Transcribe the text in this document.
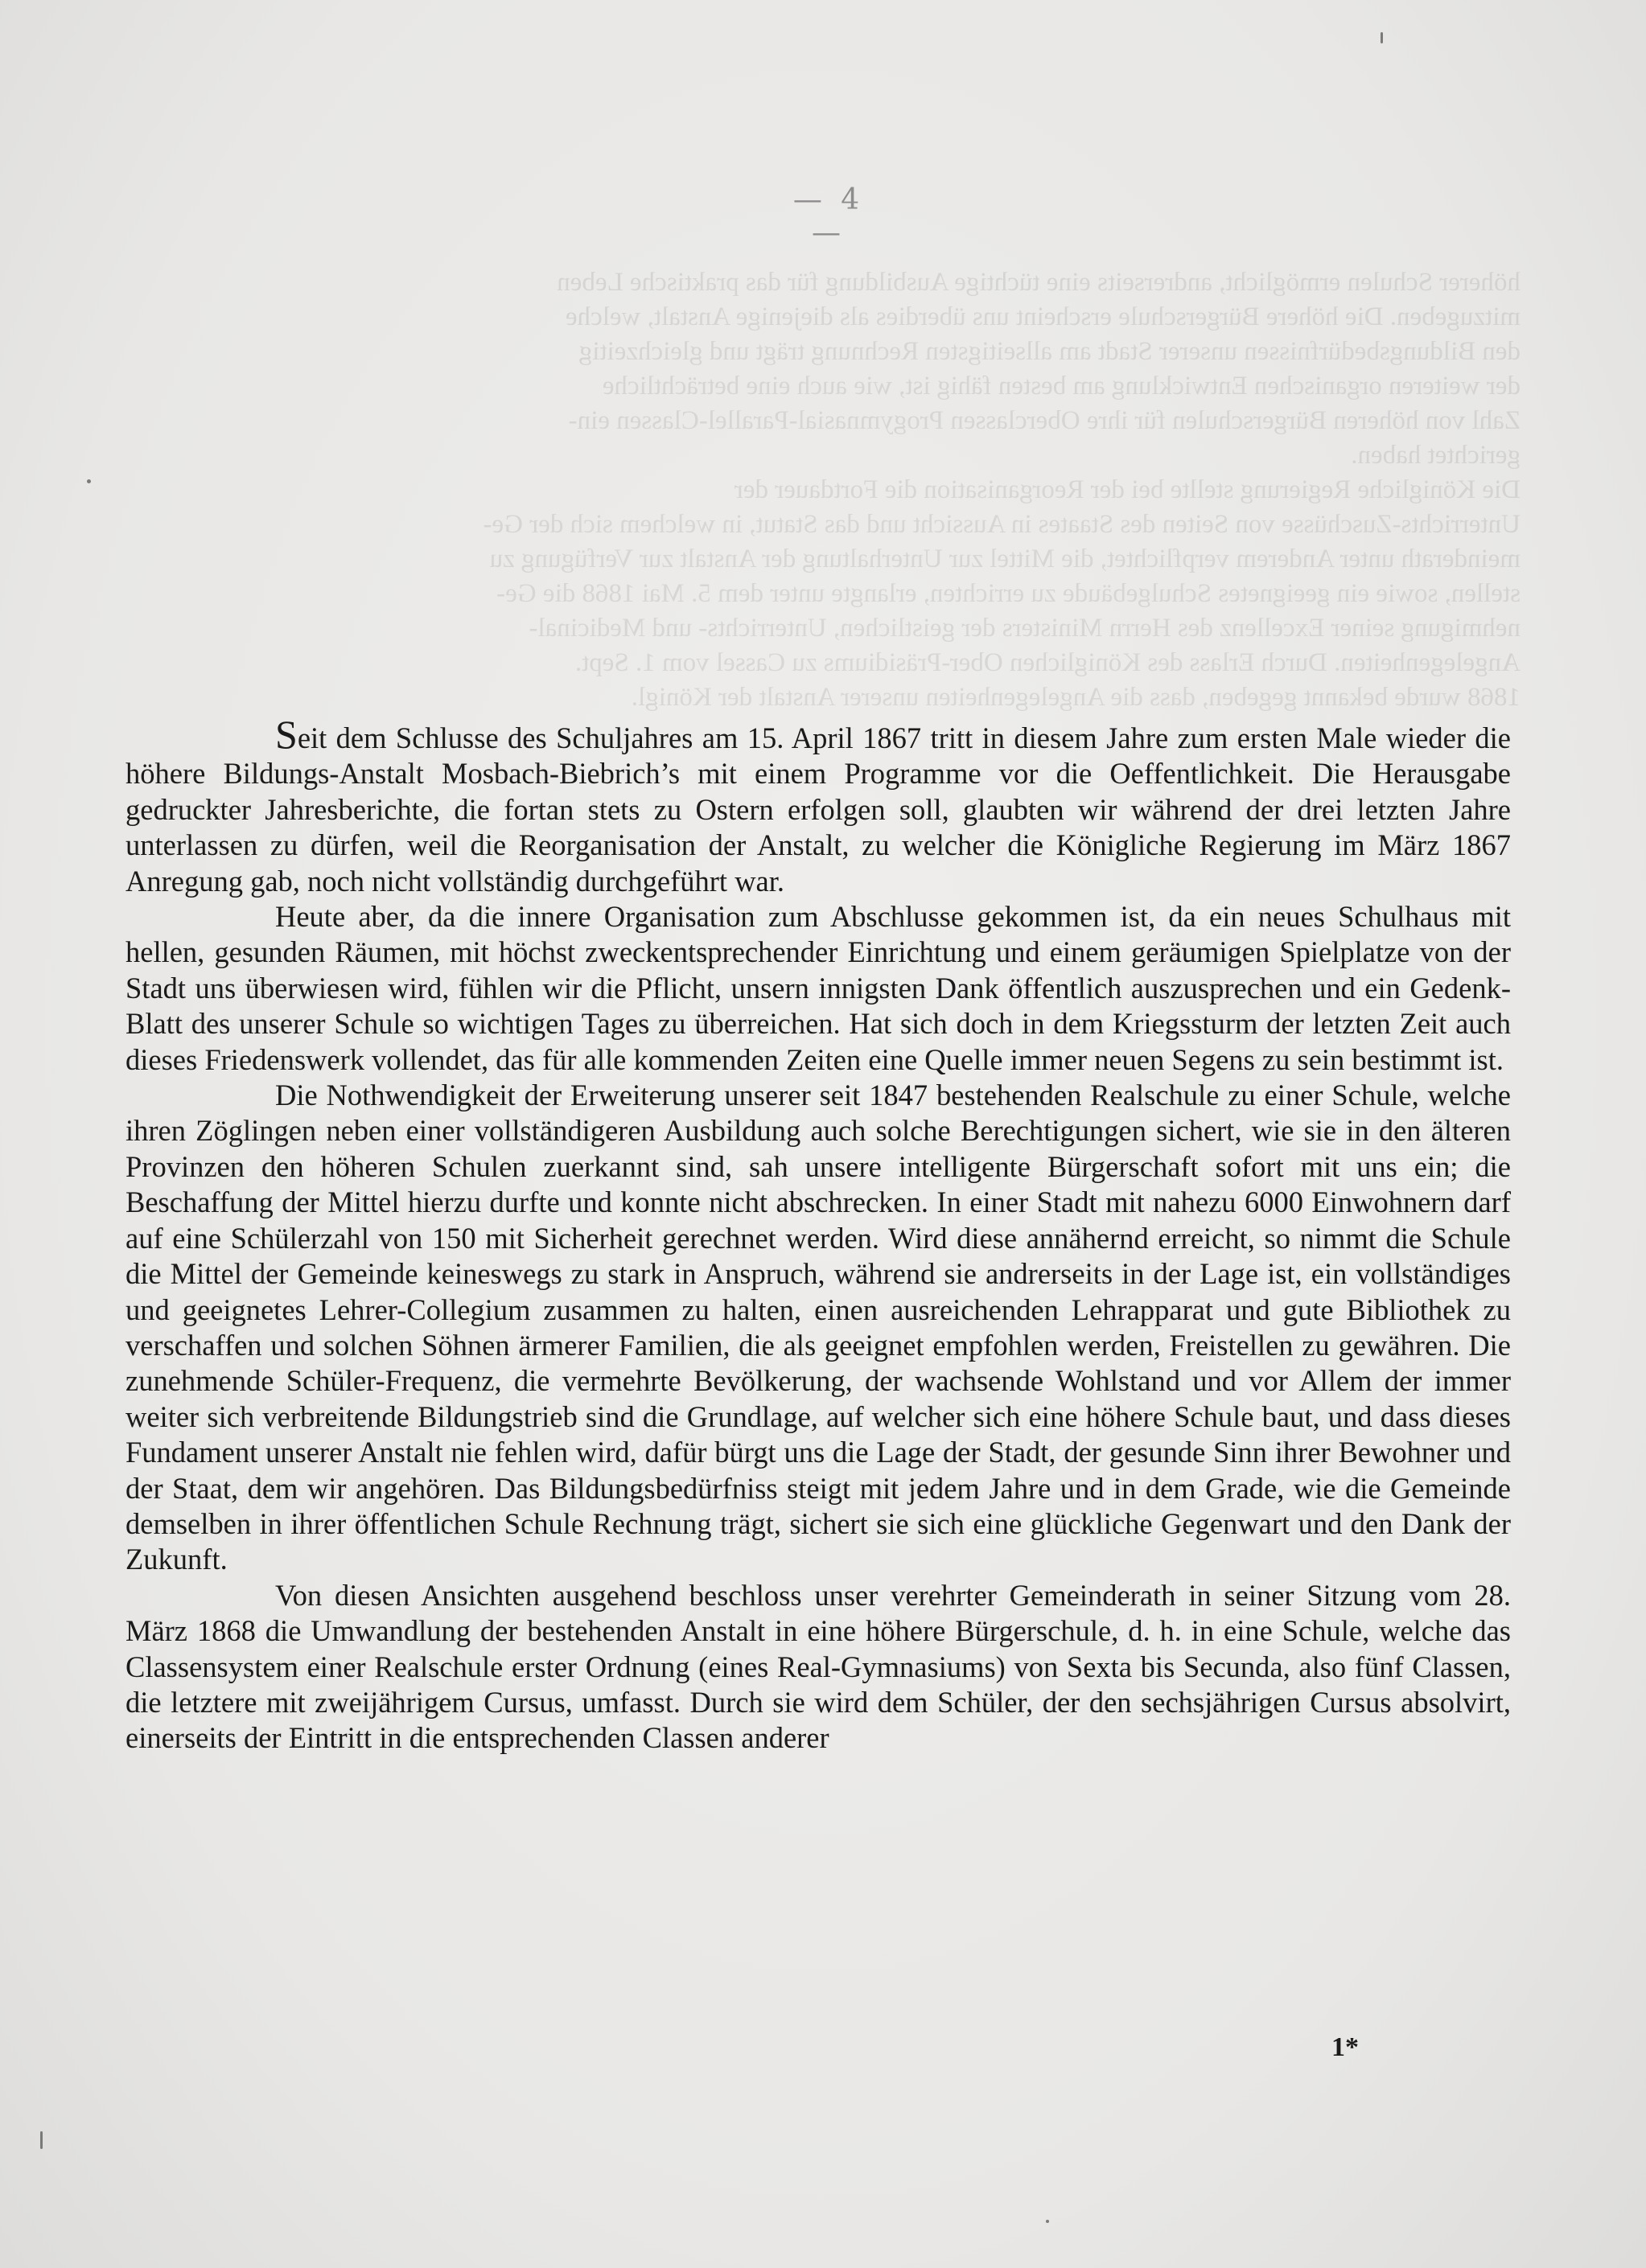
— 4 —
höherer Schulen ermöglicht, andrerseits eine tüchtige Ausbildung für das praktische Leben
mitzugeben. Die höhere Bürgerschule erscheint uns überdies als diejenige Anstalt, welche
den Bildungsbedürfnissen unserer Stadt am allseitigsten Rechnung trägt und gleichzeitig
der weiteren organischen Entwicklung am besten fähig ist, wie auch eine beträchtliche
Zahl von höheren Bürgerschulen für ihre Oberclassen Progymnasial-Parallel-Classen ein-
gerichtet haben.
Die Königliche Regierung stellte bei der Reorganisation die Fortdauer der
Unterrichts-Zuschüsse von Seiten des Staates in Aussicht und das Statut, in welchem sich der Ge-
meinderath unter Anderem verpflichtet, die Mittel zur Unterhaltung der Anstalt zur Verfügung zu
stellen, sowie ein geeignetes Schulgebäude zu errichten, erlangte unter dem 5. Mai 1868 die Ge-
nehmigung seiner Excellenz des Herrn Ministers der geistlichen, Unterrichts- und Medicinal-
Angelegenheiten. Durch Erlass des Königlichen Ober-Präsidiums zu Cassel vom 1. Sept.
1868 wurde bekannt gegeben, dass die Angelegenheiten unserer Anstalt der Königl.

Seit dem Schlusse des Schuljahres am 15. April 1867 tritt in diesem Jahre zum ersten Male wieder die höhere Bildungs-Anstalt Mosbach-Biebrich’s mit einem Programme vor die Oeffentlichkeit. Die Herausgabe gedruckter Jahresberichte, die fortan stets zu Ostern erfolgen soll, glaubten wir während der drei letzten Jahre unterlassen zu dürfen, weil die Reorganisation der Anstalt, zu welcher die Königliche Regierung im März 1867 Anregung gab, noch nicht vollständig durchgeführt war.

Heute aber, da die innere Organisation zum Abschlusse gekommen ist, da ein neues Schulhaus mit hellen, gesunden Räumen, mit höchst zweckentsprechender Einrichtung und einem geräumigen Spielplatze von der Stadt uns überwiesen wird, fühlen wir die Pflicht, unsern innigsten Dank öffentlich auszusprechen und ein Gedenk-Blatt des unserer Schule so wichtigen Tages zu überreichen. Hat sich doch in dem Kriegssturm der letzten Zeit auch dieses Friedenswerk vollendet, das für alle kommenden Zeiten eine Quelle immer neuen Segens zu sein bestimmt ist.

Die Nothwendigkeit der Erweiterung unserer seit 1847 bestehenden Realschule zu einer Schule, welche ihren Zöglingen neben einer vollständigeren Ausbildung auch solche Berechtigungen sichert, wie sie in den älteren Provinzen den höheren Schulen zuerkannt sind, sah unsere intelligente Bürgerschaft sofort mit uns ein; die Beschaffung der Mittel hierzu durfte und konnte nicht abschrecken. In einer Stadt mit nahezu 6000 Einwohnern darf auf eine Schülerzahl von 150 mit Sicherheit gerechnet werden. Wird diese annähernd erreicht, so nimmt die Schule die Mittel der Gemeinde keineswegs zu stark in Anspruch, während sie andrerseits in der Lage ist, ein vollständiges und geeignetes Lehrer-Collegium zusammen zu halten, einen ausreichenden Lehrapparat und gute Bibliothek zu verschaffen und solchen Söhnen ärmerer Familien, die als geeignet empfohlen werden, Freistellen zu gewähren. Die zunehmende Schüler-Frequenz, die vermehrte Bevölkerung, der wachsende Wohlstand und vor Allem der immer weiter sich verbreitende Bildungstrieb sind die Grundlage, auf welcher sich eine höhere Schule baut, und dass dieses Fundament unserer Anstalt nie fehlen wird, dafür bürgt uns die Lage der Stadt, der gesunde Sinn ihrer Bewohner und der Staat, dem wir angehören. Das Bildungsbedürfniss steigt mit jedem Jahre und in dem Grade, wie die Gemeinde demselben in ihrer öffentlichen Schule Rechnung trägt, sichert sie sich eine glückliche Gegenwart und den Dank der Zukunft.

Von diesen Ansichten ausgehend beschloss unser verehrter Gemeinderath in seiner Sitzung vom 28. März 1868 die Umwandlung der bestehenden Anstalt in eine höhere Bürgerschule, d. h. in eine Schule, welche das Classensystem einer Realschule erster Ordnung (eines Real-Gymnasiums) von Sexta bis Secunda, also fünf Classen, die letztere mit zweijährigem Cursus, umfasst. Durch sie wird dem Schüler, der den sechsjährigen Cursus absolvirt, einerseits der Eintritt in die entsprechenden Classen anderer

1*
